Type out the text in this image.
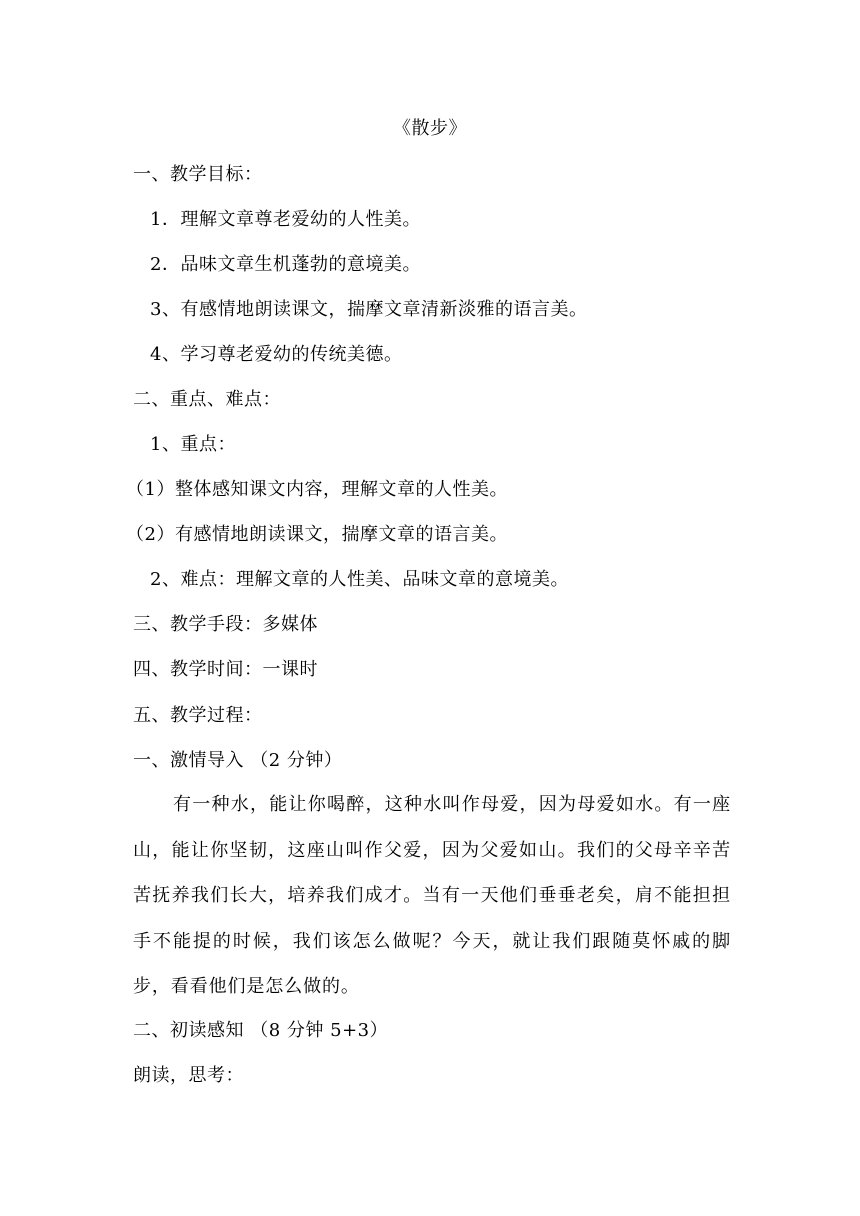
《散步》
一、教学目标：
1．理解文章尊老爱幼的人性美。
2．品味文章生机蓬勃的意境美。
3、有感情地朗读课文，揣摩文章清新淡雅的语言美。
4、学习尊老爱幼的传统美德。
二、重点、难点：
1、重点：
（1）整体感知课文内容，理解文章的人性美。
（2）有感情地朗读课文，揣摩文章的语言美。
2、难点：理解文章的人性美、品味文章的意境美。
三、教学手段：多媒体
四、教学时间：一课时
五、教学过程：
一、激情导入 （2 分钟）
有一种水，能让你喝醉，这种水叫作母爱，因为母爱如水。有一座山，能让你坚韧，这座山叫作父爱，因为父爱如山。我们的父母辛辛苦苦抚养我们长大，培养我们成才。当有一天他们垂垂老矣，肩不能担担手不能提的时候，我们该怎么做呢？今天，就让我们跟随莫怀戚的脚步，看看他们是怎么做的。
二、初读感知 （8 分钟 5+3）
朗读，思考：
